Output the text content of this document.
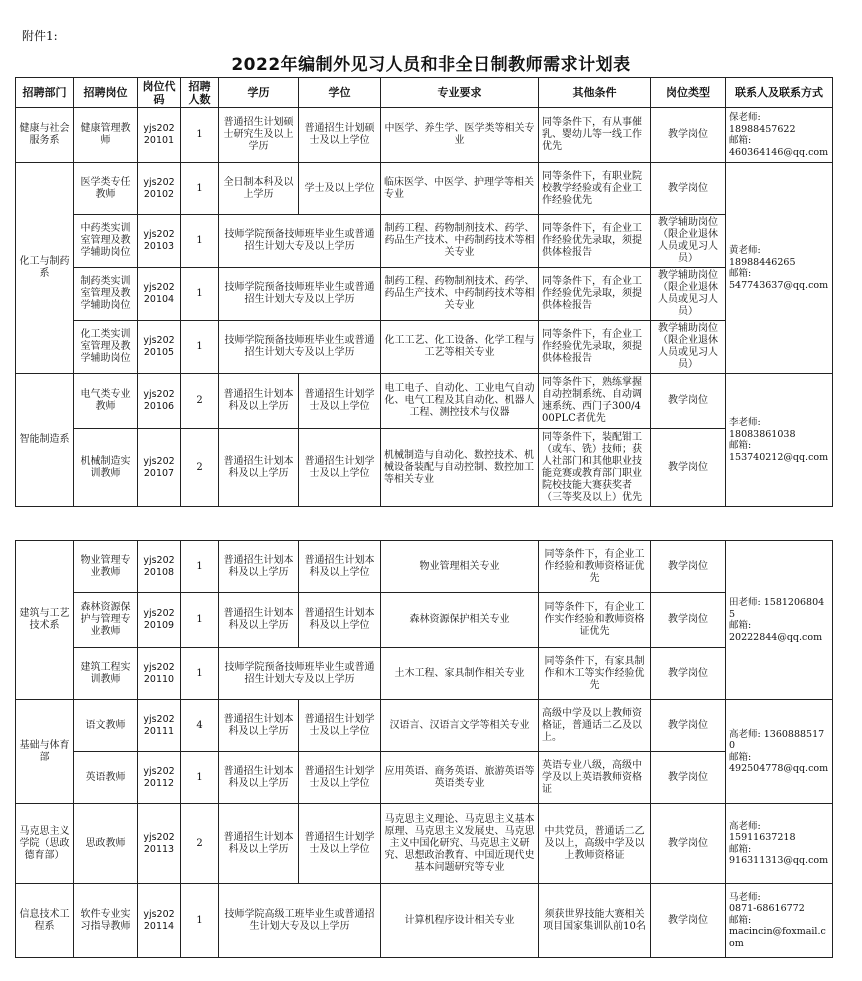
附件1:
2022年编制外见习人员和非全日制教师需求计划表
招聘部门	招聘岗位	岗位代码	招聘人数	学历	学位	专业要求	其他条件	岗位类型	联系人及联系方式
健康与社会服务系	健康管理教师	yjs20220101	1	普通招生计划硕士研究生及以上学历	普通招生计划硕士及以上学位	中医学、养生学、医学类等相关专业	同等条件下，有从事催乳、婴幼儿等一线工作优先	教学岗位	保老师:
18988457622
邮箱:
460364146@qq.com

化工与制药系	医学类专任教师	yjs20220102	1	全日制本科及以上学历	学士及以上学位	临床医学、中医学、护理学等相关专业	同等条件下，有职业院校教学经验或有企业工作经验优先	教学岗位	黄老师:
18988446265
邮箱:
547743637@qq.com

	中药类实训室管理及教学辅助岗位	yjs20220103	1	技师学院预备技师班毕业生或普通招生计划大专及以上学历		制药工程、药物制剂技术、药学、药品生产技术、中药制药技术等相关专业	同等条件下，有企业工作经验优先录取，须提供体检报告	教学辅助岗位（限企业退休人员或见习人员）	
	制药类实训室管理及教学辅助岗位	yjs20220104	1	技师学院预备技师班毕业生或普通招生计划大专及以上学历		制药工程、药物制剂技术、药学、药品生产技术、中药制药技术等相关专业	同等条件下，有企业工作经验优先录取，须提供体检报告	教学辅助岗位（限企业退休人员或见习人员）	
	化工类实训室管理及教学辅助岗位	yjs20220105	1	技师学院预备技师班毕业生或普通招生计划大专及以上学历		化工工艺、化工设备、化学工程与工艺等相关专业	同等条件下，有企业工作经验优先录取，须提供体检报告	教学辅助岗位（限企业退休人员或见习人员）	
智能制造系	电气类专业教师	yjs20220106	2	普通招生计划本科及以上学历	普通招生计划学士及以上学位	电工电子、自动化、工业电气自动化、电气工程及其自动化、机器人工程、测控技术与仪器	同等条件下，熟练掌握自动控制系统、自动调速系统、西门子300/400PLC者优先	教学岗位	李老师:
18083861038
邮箱:
153740212@qq.com

	机械制造实训教师	yjs20220107	2	普通招生计划本科及以上学历	普通招生计划学士及以上学位	机械制造与自动化、数控技术、机械设备装配与自动控制、数控加工等相关专业	同等条件下，装配钳工（或车、铣）技师；获人社部门和其他职业技能竞赛或教育部门职业院校技能大赛获奖者（三等奖及以上）优先	教学岗位	
建筑与工艺技术系	物业管理专业教师	yjs20220108	1	普通招生计划本科及以上学历	普通招生计划本科及以上学位	物业管理相关专业	同等条件下，有企业工作经验和教师资格证优先	教学岗位	田老师: 15812068045
邮箱:
20222844@qq.com

	森林资源保护与管理专业教师	yjs20220109	1	普通招生计划本科及以上学历	普通招生计划本科及以上学位	森林资源保护相关专业	同等条件下，有企业工作实作经验和教师资格证优先	教学岗位	
	建筑工程实训教师	yjs20220110	1	技师学院预备技师班毕业生或普通招生计划大专及以上学历		土木工程、家具制作相关专业	同等条件下，有家具制作和木工等实作经验优先	教学岗位	
基础与体育部	语文教师	yjs20220111	4	普通招生计划本科及以上学历	普通招生计划学士及以上学位	汉语言、汉语言文学等相关专业	高级中学及以上教师资格证，普通话二乙及以上。	教学岗位	高老师: 13608885170
邮箱:
492504778@qq.com

	英语教师	yjs20220112	1	普通招生计划本科及以上学历	普通招生计划学士及以上学位	应用英语、商务英语、旅游英语等英语类专业	英语专业八级，高级中学及以上英语教师资格证	教学岗位	
马克思主义学院（思政德育部）	思政教师	yjs20220113	2	普通招生计划本科及以上学历	普通招生计划学士及以上学位	马克思主义理论、马克思主义基本原理、马克思主义发展史、马克思主义中国化研究、马克思主义研究、思想政治教育、中国近现代史基本问题研究等专业	中共党员，普通话二乙及以上，高级中学及以上教师资格证	教学岗位	高老师:
15911637218
邮箱:
916311313@qq.com

信息技术工程系	软件专业实习指导教师	yjs20220114	1	技师学院高级工班毕业生或普通招生计划大专及以上学历		计算机程序设计相关专业	须获世界技能大赛相关项目国家集训队前10名	教学岗位	马老师:
0871-68616772
邮箱:
macincin@foxmail.com
